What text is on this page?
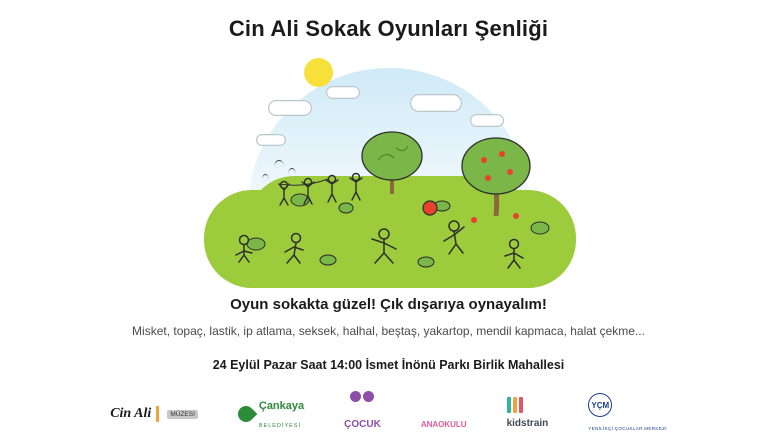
Cin Ali Sokak Oyunları Şenliği
Oyun sokakta güzel! Çık dışarıya oynayalım!
Misket, topaç, lastik, ip atlama, seksek, halhal, beştaş, yakartop, mendil kapmaca, halat çekme...
24 Eylül Pazar Saat 14:00 İsmet İnönü Parkı Birlik Mahallesi
Cin Ali	MÜZESİ
Çankaya
BELEDİYESİ	ÇOCUK	ANAOKULU	kidstrain
YÇM
YENİLİKÇİ ÇOCUKLAR MERKEZİ
